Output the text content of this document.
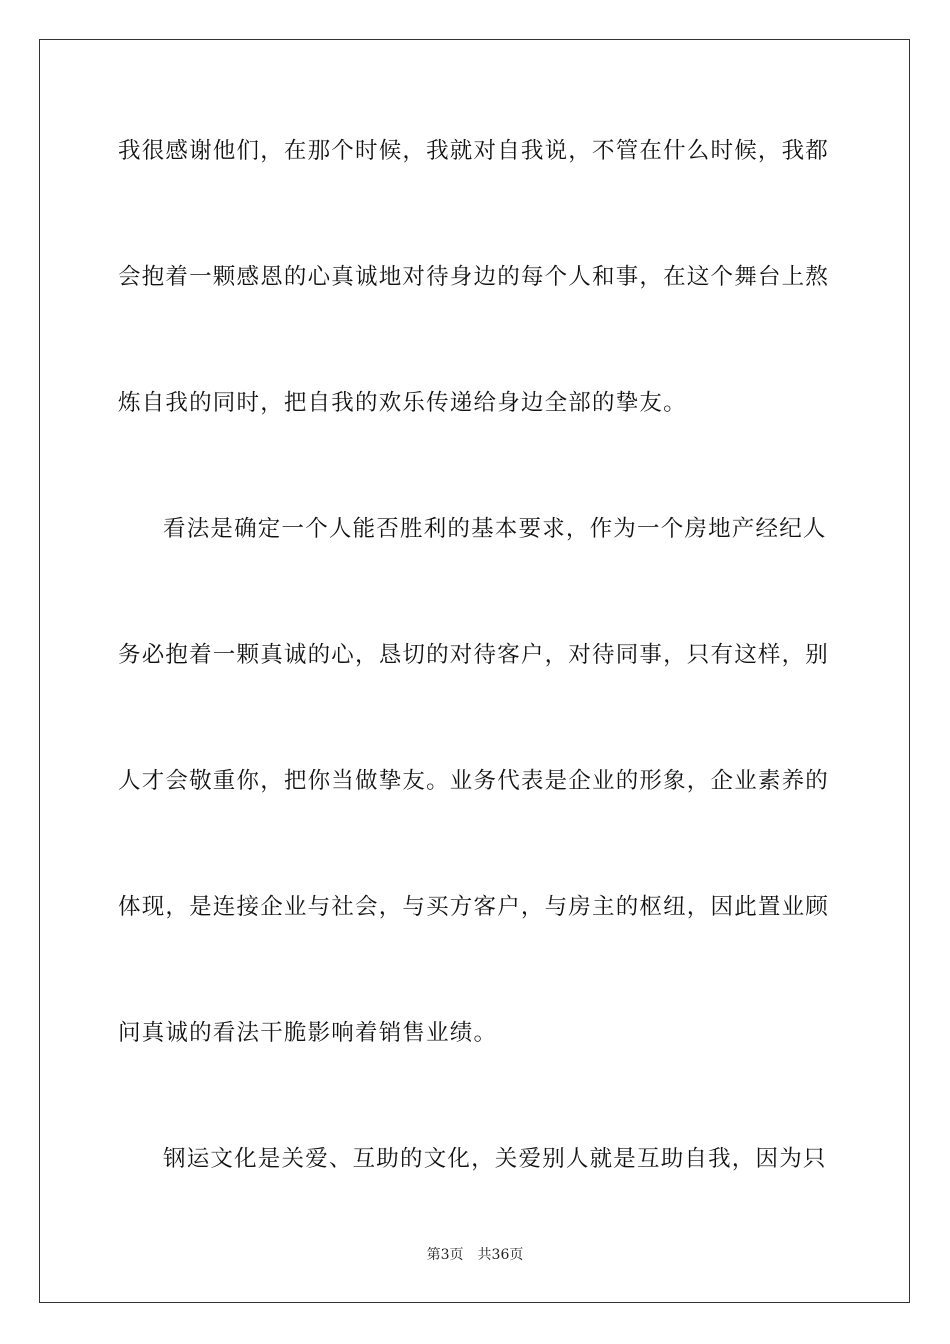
我很感谢他们，在那个时候，我就对自我说，不管在什么时候，我都
会抱着一颗感恩的心真诚地对待身边的每个人和事，在这个舞台上熬
炼自我的同时，把自我的欢乐传递给身边全部的挚友。
看法是确定一个人能否胜利的基本要求，作为一个房地产经纪人
务必抱着一颗真诚的心，恳切的对待客户，对待同事，只有这样，别
人才会敬重你，把你当做挚友。业务代表是企业的形象，企业素养的
体现，是连接企业与社会，与买方客户，与房主的枢纽，因此置业顾
问真诚的看法干脆影响着销售业绩。
钢运文化是关爱、互助的文化，关爱别人就是互助自我，因为只
第3页 共36页
